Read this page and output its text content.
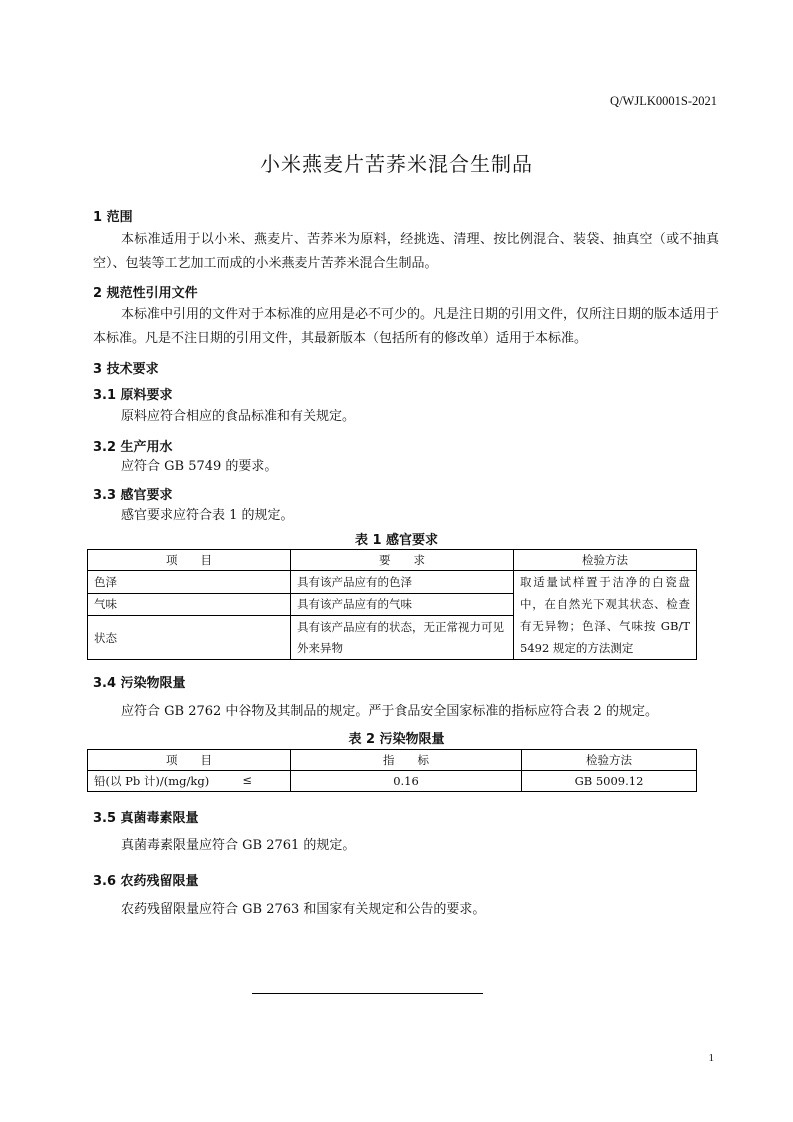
Q/WJLK0001S-2021
小米燕麦片苦荞米混合生制品
1 范围
本标准适用于以小米、燕麦片、苦荞米为原料，经挑选、清理、按比例混合、装袋、抽真空（或不抽真空）、包装等工艺加工而成的小米燕麦片苦荞米混合生制品。
2 规范性引用文件
本标准中引用的文件对于本标准的应用是必不可少的。凡是注日期的引用文件，仅所注日期的版本适用于本标准。凡是不注日期的引用文件，其最新版本（包括所有的修改单）适用于本标准。
3 技术要求
3.1 原料要求
原料应符合相应的食品标准和有关规定。
3.2 生产用水
应符合 GB 5749 的要求。
3.3 感官要求
感官要求应符合表 1 的规定。
表 1 感官要求
项　　目	要　　求	检验方法
色泽	具有该产品应有的色泽	取适量试样置于洁净的白瓷盘中，在自然光下观其状态、检查有无异物；色泽、气味按 GB/T 5492 规定的方法测定
气味	具有该产品应有的气味	
状态	具有该产品应有的状态，无正常视力可见外来异物	
3.4 污染物限量
应符合 GB 2762 中谷物及其制品的规定。严于食品安全国家标准的指标应符合表 2 的规定。
表 2 污染物限量
项　　目	指　　标	检验方法
铅(以 Pb 计)/(mg/kg) ≤	0.16	GB 5009.12
3.5 真菌毒素限量
真菌毒素限量应符合 GB 2761 的规定。
3.6 农药残留限量
农药残留限量应符合 GB 2763 和国家有关规定和公告的要求。
1
